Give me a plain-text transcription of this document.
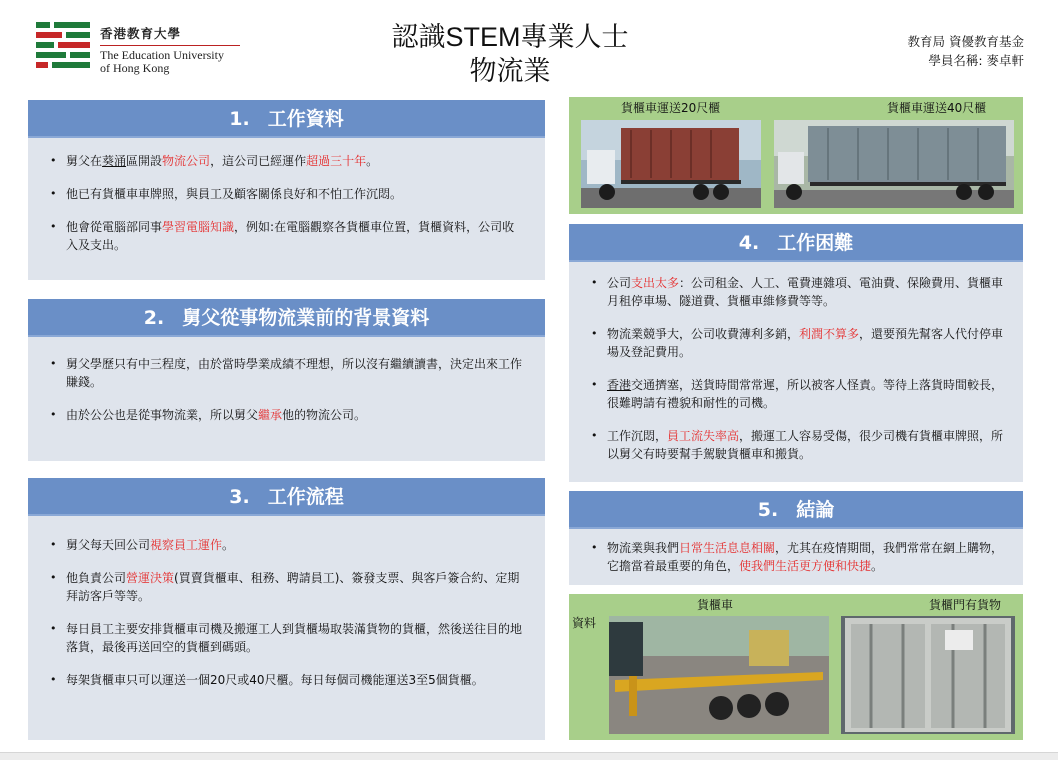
香港教育大學
The Education University
of Hong Kong
認識STEM專業人士
物流業
教育局 資優教育基金
學員名稱: 麥卓軒
1. 工作資料
• 舅父在葵涌區開設物流公司，這公司已經運作超過三十年。
• 他已有貨櫃車車牌照，與員工及顧客關係良好和不怕工作沉悶。
• 他會從電腦部同事學習電腦知識，例如:在電腦觀察各貨櫃車位置，貨櫃資料，公司收入及支出。
2. 舅父從事物流業前的背景資料
• 舅父學歷只有中三程度，由於當時學業成績不理想，所以沒有繼續讀書，決定出來工作賺錢。
• 由於公公也是從事物流業，所以舅父繼承他的物流公司。
3. 工作流程
• 舅父每天回公司視察員工運作。
• 他負責公司營運決策(買賣貨櫃車、租務、聘請員工)、簽發支票、與客戶簽合約、定期拜訪客戶等等。
• 每日員工主要安排貨櫃車司機及搬運工人到貨櫃場取裝滿貨物的貨櫃，然後送往目的地落貨，最後再送回空的貨櫃到碼頭。
• 每架貨櫃車只可以運送一個20尺或40尺櫃。每日每個司機能運送3至5個貨櫃。
貨櫃車運送20尺櫃	貨櫃車運送40尺櫃
4. 工作困難
• 公司支出太多：公司租金、人工、電費連雜項、電油費、保險費用、貨櫃車月租停車場、隧道費、貨櫃車維修費等等。
• 物流業競爭大，公司收費薄利多銷，利潤不算多，還要預先幫客人代付停車場及登記費用。
• 香港交通擠塞，送貨時間常常遲，所以被客人怪責。等待上落貨時間較長，很難聘請有禮貌和耐性的司機。
• 工作沉悶，員工流失率高，搬運工人容易受傷，很少司機有貨櫃車牌照，所以舅父有時要幫手駕駛貨櫃車和搬貨。
5. 結論
• 物流業與我們日常生活息息相關，尤其在疫情期間，我們常常在網上購物，它擔當着最重要的角色，使我們生活更方便和快捷。
資料
貨櫃車	貨櫃門有貨物
